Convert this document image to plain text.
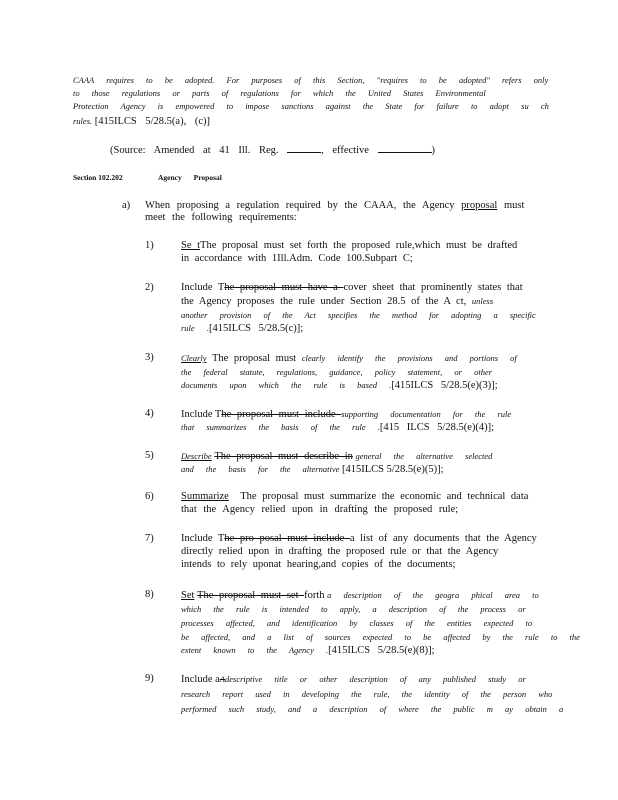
CAAA requires to be adopted. For purposes of this Section, "requires to be adopted" refers only
to those regulations or parts of regulations for which the United States Environmental
Protection Agency is empowered to impose sanctions against the State for failure to adopt su ch
rules. [415ILCS 5/28.5(a), (c)]
(Source: Amended at 41 Ill. Reg.	, effective	)
Section 102.202	Agency Proposal
a) When proposing a regulation required by the CAAA, the Agency proposal must
meet the following requirements:
1)	Se tThe proposal must set forth the proposed rule,which must be drafted
in accordance with 1Ill.Adm. Code 100.Subpart C;
2)	Include The proposal must have a cover sheet that prominently states that
the Agency proposes the rule under Section 28.5 of the A ct, unless
another provision of the Act specifies the method for adopting a specific
rule .[415ILCS 5/28.5(c)];
3)	Clearly The proposal must clearly identify the provisions and portions of
the federal statute, regulations, guidance, policy statement, or other
documents upon which the rule is based .[415ILCS 5/28.5(e)(3)];
4)	Include The proposal must include supporting documentation for the rule
that summarizes the basis of the rule .[415 ILCS 5/28.5(e)(4)];
5)	Describe The proposal must describe in general the alternative selected
and the basis for the alternative [415ILCS 5/28.5(e)(5)];
6)	Summarize The proposal must summarize the economic and technical data
that the Agency relied upon in drafting the proposed rule;
7)	Include The pro posal must include a list of any documents that the Agency
directly relied upon in drafting the proposed rule or that the Agency
intends to rely uponat hearing,and copies of the documents;
8)	Set The proposal must set forth a description of the geogra phical area to
which the rule is intended to apply, a description of the process or
processes affected, and identification by classes of the entities expected to
be affected, and a list of sources expected to be affected by the rule to the
extent known to the Agency .[415ILCS 5/28.5(e)(8)];
9)	Include aAdescriptive title or other description of any published study or
research report used in developing the rule, the identity of the person who
performed such study, and a description of where the public m ay obtain a
